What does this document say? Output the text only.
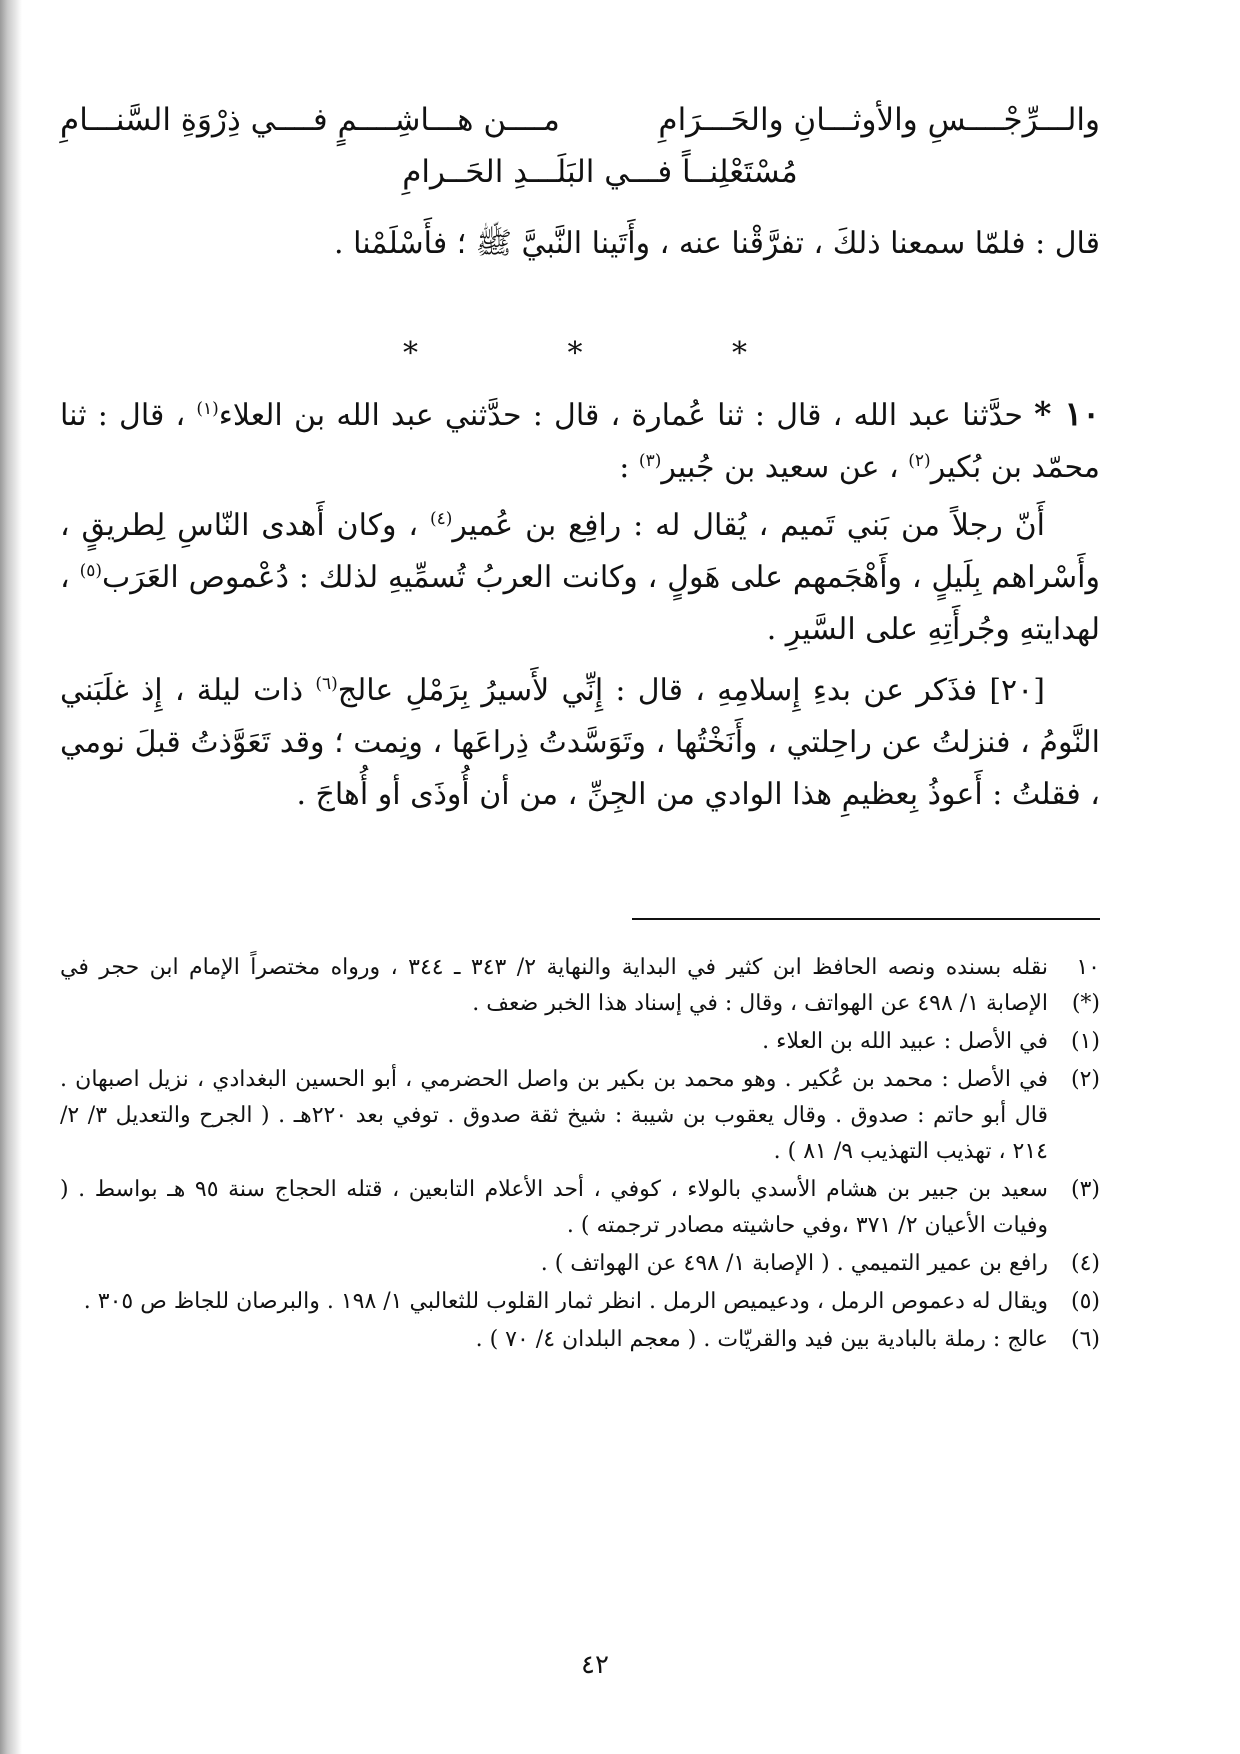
والـــرِّجْــــسِ والأوثـــانِ والحَـــرَامِ
مــــن هـــاشِــــمٍ فــــي ذِرْوَةِ السَّنـــامِ
مُسْتَعْلِنــاً فـــي البَلَـــدِ الحَــرامِ
قال : فلمّا سمعنا ذلكَ ، تفرَّقْنا عنه ، وأَتَينا النَّبيَّ ﷺ ؛ فأَسْلَمْنا .
* * *
١٠ * حدَّثنا عبد الله ، قال : ثنا عُمارة ، قال : حدَّثني عبد الله بن العلاء$^{(١)}$ ، قال : ثنا محمّد بن بُكير$^{(٢)}$ ، عن سعيد بن جُبير$^{(٣)}$ :
أَنّ رجلاً من بَني تَميم ، يُقال له : رافِع بن عُمير$^{(٤)}$ ، وكان أَهدى النّاسِ لِطريقٍ ، وأَسْراهم بِلَيلٍ ، وأَهْجَمهم على هَولٍ ، وكانت العربُ تُسمِّيهِ لذلك : دُعْموص العَرَب$^{(٥)}$ ، لهدايتهِ وجُرأَتِهِ على السَّيرِ .
[٢٠] فذَكر عن بدءِ إِسلامِهِ ، قال : إِنِّي لأَسيرُ بِرَمْلِ عالج$^{(٦)}$ ذات ليلة ، إِذ غلَبَني النَّومُ ، فنزلتُ عن راحِلتي ، وأَنَخْتُها ، وتَوَسَّدتُ ذِراعَها ، ونِمت ؛ وقد تَعَوَّذتُ قبلَ نومي ، فقلتُ : أَعوذُ بِعظيمِ هذا الوادي من الجِنِّ ، من أن أُوذَى أو أُهاجَ .
١٠ (*)
نقله بسنده ونصه الحافظ ابن كثير في البداية والنهاية ٢/ ٣٤٣ ـ ٣٤٤ ، ورواه مختصراً الإمام ابن حجر في الإصابة ١/ ٤٩٨ عن الهواتف ، وقال : في إسناد هذا الخبر ضعف .
(١)
في الأصل : عبيد الله بن العلاء .
(٢)
في الأصل : محمد بن عُكير . وهو محمد بن بكير بن واصل الحضرمي ، أبو الحسين البغدادي ، نزيل اصبهان . قال أبو حاتم : صدوق . وقال يعقوب بن شيبة : شيخ ثقة صدوق . توفي بعد ٢٢٠هـ . ( الجرح والتعديل ٣/ ٢/ ٢١٤ ، تهذيب التهذيب ٩/ ٨١ ) .
(٣)
سعيد بن جبير بن هشام الأسدي بالولاء ، كوفي ، أحد الأعلام التابعين ، قتله الحجاج سنة ٩٥ هـ بواسط . ( وفيات الأعيان ٢/ ٣٧١ ،وفي حاشيته مصادر ترجمته ) .
(٤)
رافع بن عمير التميمي . ( الإصابة ١/ ٤٩٨ عن الهواتف ) .
(٥)
ويقال له دعموص الرمل ، ودعيميص الرمل . انظر ثمار القلوب للثعالبي ١/ ١٩٨ . والبرصان للجاظ ص ٣٠٥ .
(٦)
عالج : رملة بالبادية بين فيد والقريّات . ( معجم البلدان ٤/ ٧٠ ) .
٤٢
